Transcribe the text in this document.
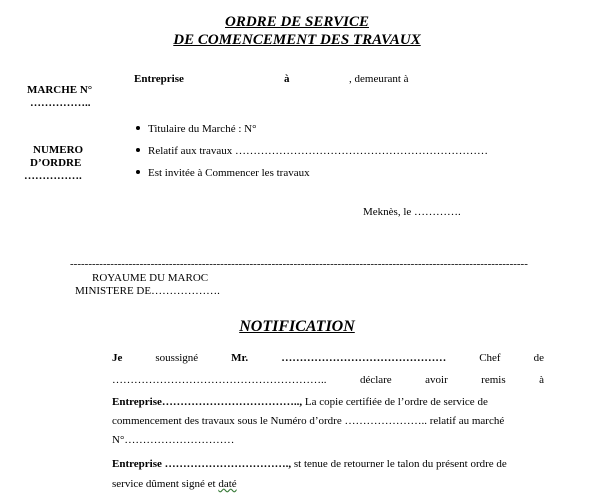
ORDRE DE SERVICE
DE COMENCEMENT DES TRAVAUX
MARCHE N°
……………..
NUMERO
D’ORDRE
…………….
Entreprise	à	, demeurant à
Titulaire du Marché : N°
Relatif aux travaux ……………………………………………………………
Est invitée à Commencer les travaux
Meknès, le ………….
-----------------------------------------------------------------------------------------------------------------------------
ROYAUME DU MAROC
MINISTERE DE……………….
NOTIFICATION
Je	soussigné	Mr.	………………………………………	Chef	de
…………………………………………………..	déclare	avoir	remis	à
Entreprise……………………………….., La copie certifiée de l’ordre de service de
commencement des travaux sous le Numéro d’ordre ………………….. relatif au marché
N°…………………………
Entreprise ……………………………., st tenue de retourner le talon du présent ordre de
service dûment signé et daté
